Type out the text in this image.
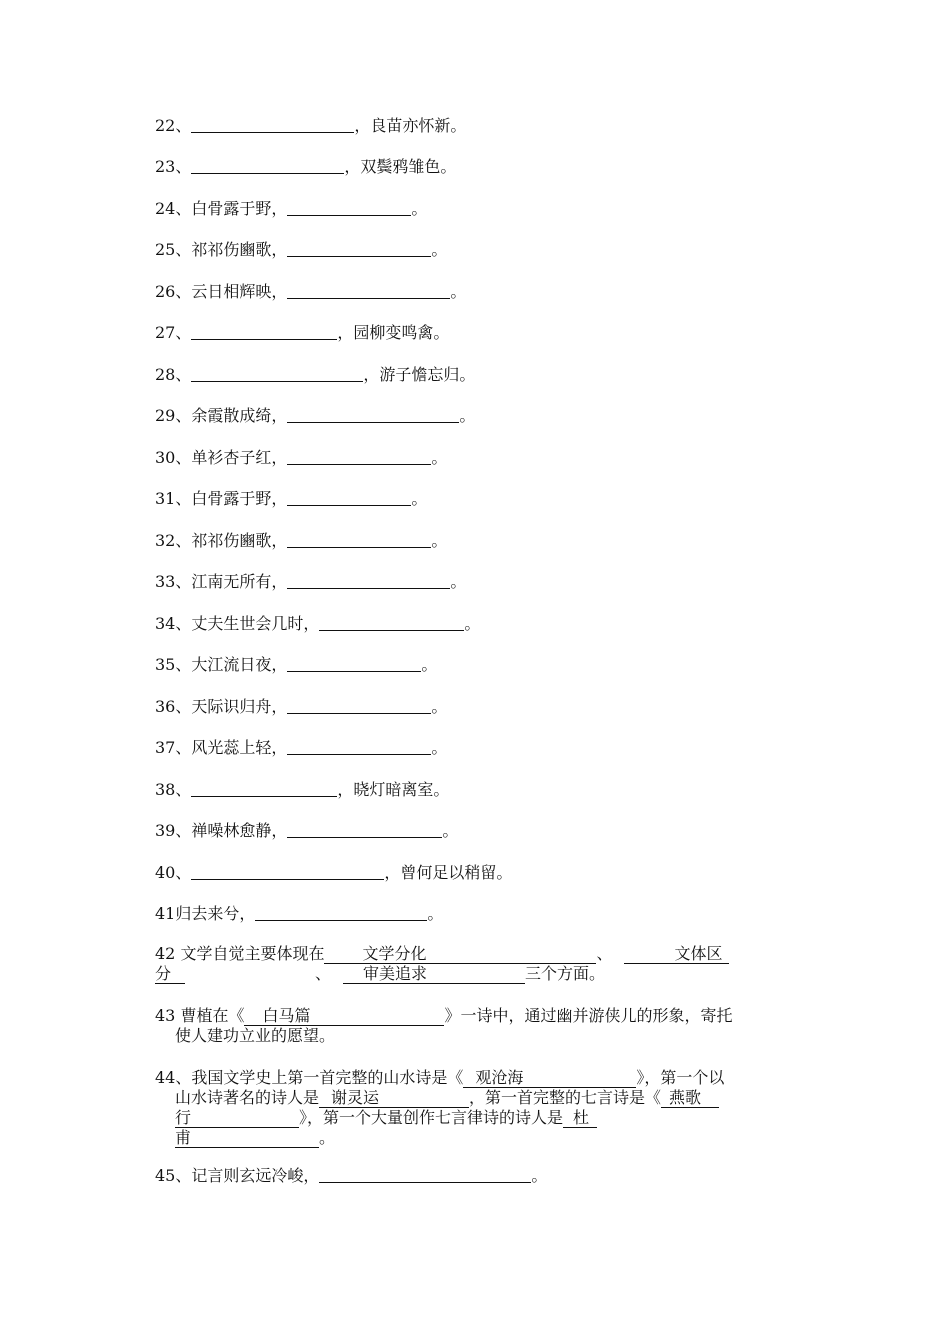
22、	，良苗亦怀新。
23、	，双鬓鸦雏色。
24、白骨露于野，	。
25、祁祁伤豳歌，	。
26、云日相辉映，	。
27、	，园柳变鸣禽。
28、	，游子憺忘归。
29、余霞散成绮，	。
30、单衫杏子红，	。
31、白骨露于野，	。
32、祁祁伤豳歌，	。
33、江南无所有，	。
34、丈夫生世会几时，	。
35、大江流日夜，	。
36、天际识归舟，	。
37、风光蕊上轻，	。
38、	，晓灯暗离室。
39、禅噪林愈静，	。
40、	，曾何足以稍留。
41归去来兮，	。
42 文学自觉主要体现在 文学分化	、	文体区
分	、 审美追求	三个方面。
43 曹植在《 白马篇	》一诗中，通过幽并游侠儿的形象，寄托
使人建功立业的愿望。
44、我国文学史上第一首完整的山水诗是《 观沧海	》，第一个以
山水诗著名的诗人是 谢灵运	，第一首完整的七言诗是《 燕歌
行	》，第一个大量创作七言律诗的诗人是 杜
甫	。
45、记言则玄远冷峻，	。
